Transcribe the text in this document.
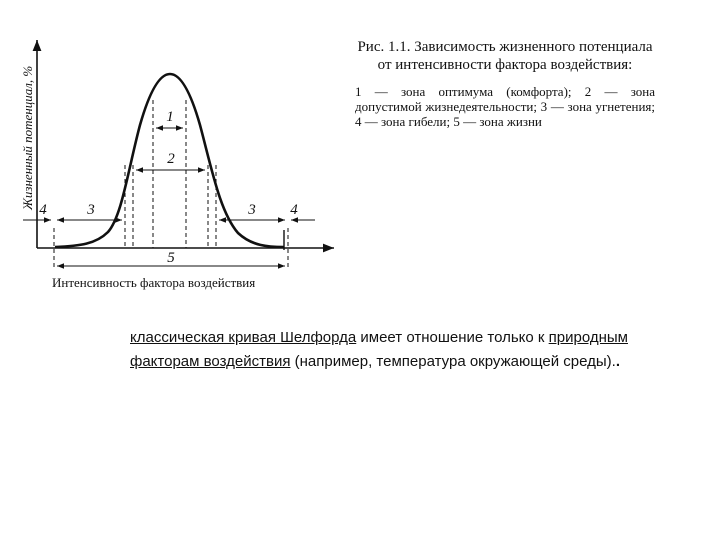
Жизненный потенциал, %	1
2
3	3
4	4
5
Интенсивность фактора воздействия

Рис. 1.1. Зависимость жизненного потенциала от интенсивности фактора воздействия:

1 — зона оптимума (комфорта); 2 — зона допустимой жизнедеятельности; 3 — зона угнетения; 4 — зона гибели; 5 — зона жизни

классическая кривая Шелфорда имеет отношение только к природным факторам воздействия (например, температура окружающей среды)..
